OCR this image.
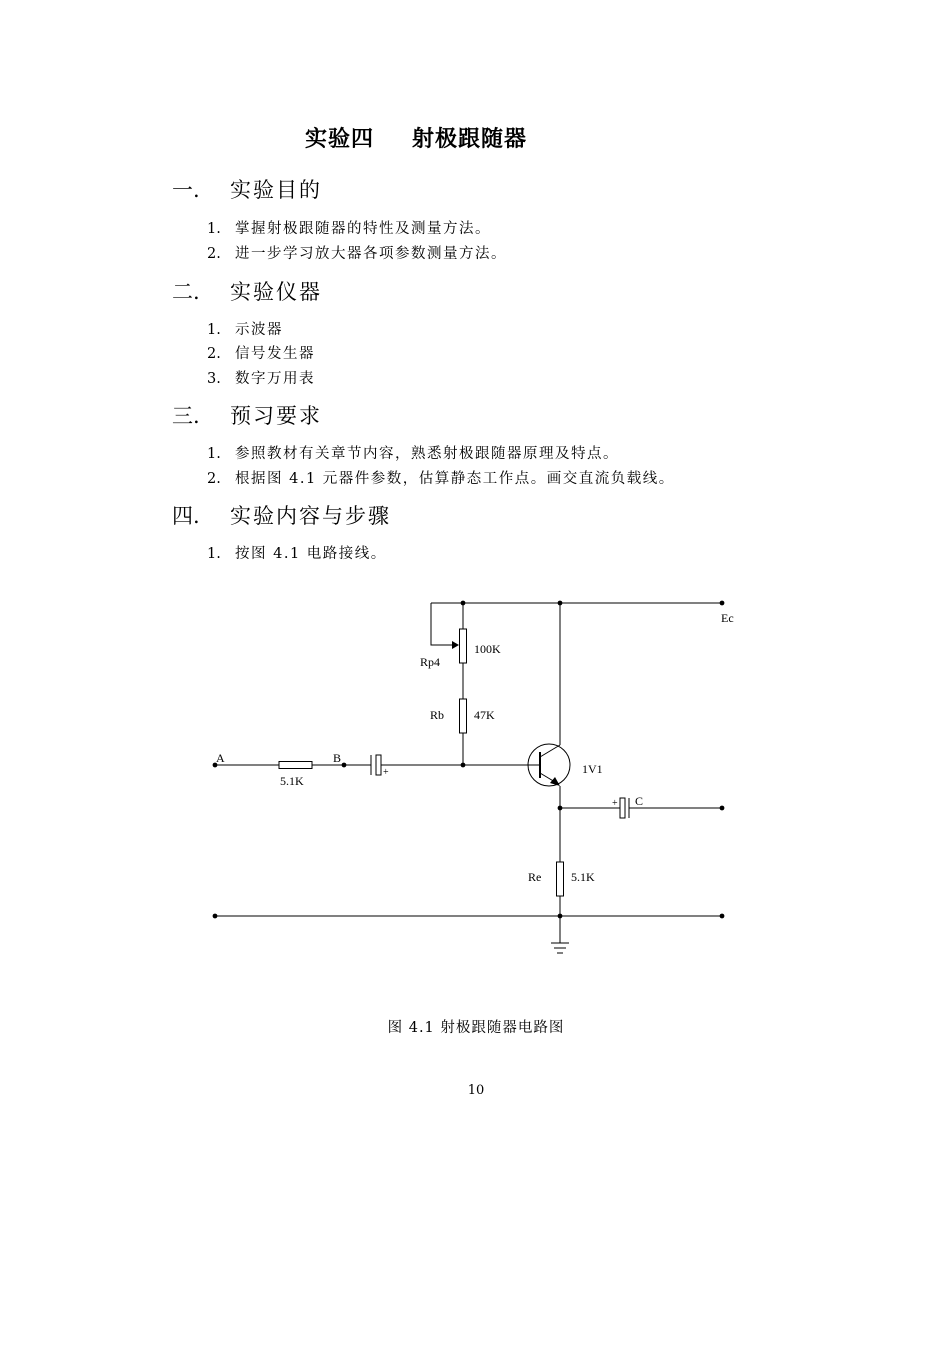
实验四 射极跟随器
一. 实验目的
1. 掌握射极跟随器的特性及测量方法。
2. 进一步学习放大器各项参数测量方法。
二. 实验仪器
1. 示波器
2. 信号发生器
3. 数字万用表
三. 预习要求
1. 参照教材有关章节内容，熟悉射极跟随器原理及特点。
2. 根据图 4.1 元器件参数，估算静态工作点。画交直流负载线。
四. 实验内容与步骤
1. 按图 4.1 电路接线。
Ec
Rp4
100K
Rb 47K
A	B
5.1K
+	1V1
+ C
Re 5.1K
图 4.1 射极跟随器电路图
10
